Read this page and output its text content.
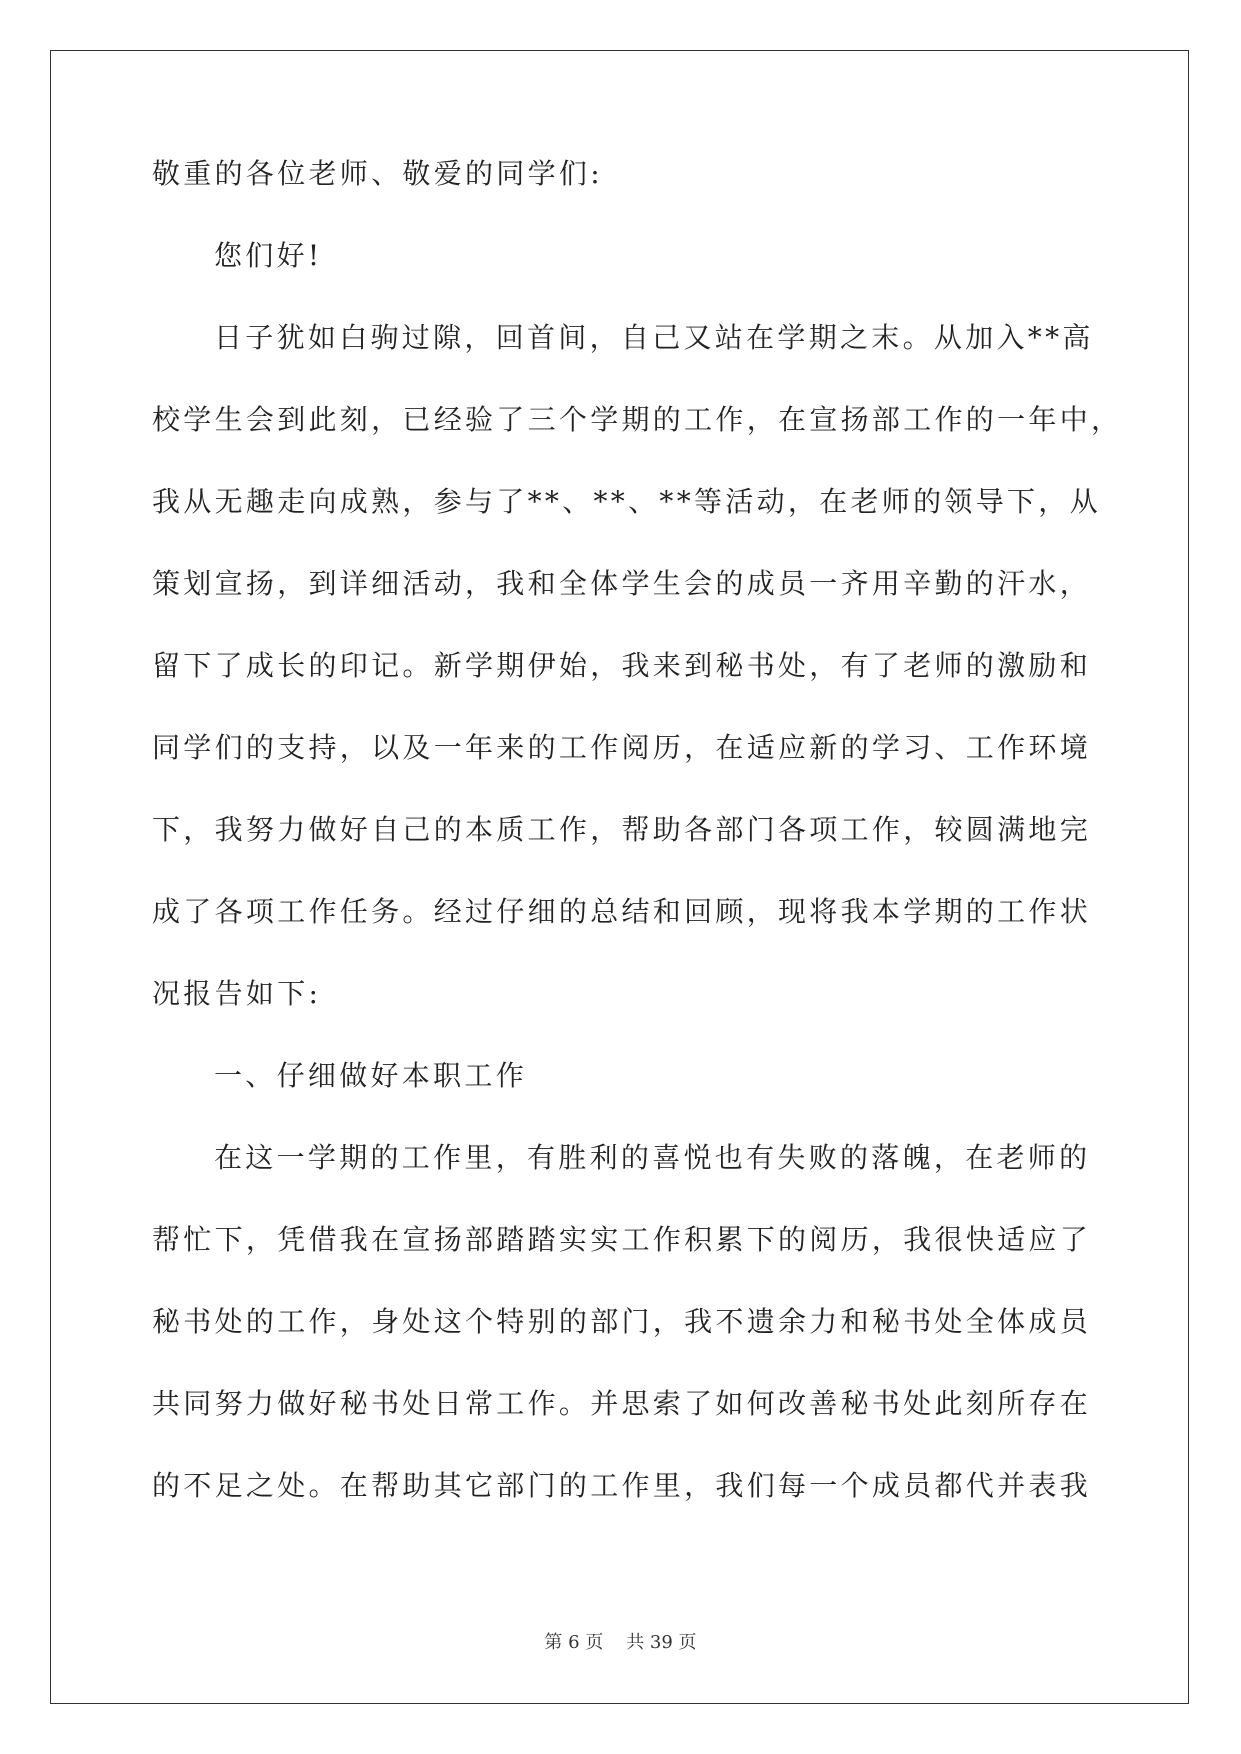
敬重的各位老师、敬爱的同学们:
您们好!
日子犹如白驹过隙，回首间，自己又站在学期之末。从加入**高
校学生会到此刻，已经验了三个学期的工作，在宣扬部工作的一年中，
我从无趣走向成熟，参与了**、**、**等活动，在老师的领导下，从
策划宣扬，到详细活动，我和全体学生会的成员一齐用辛勤的汗水，
留下了成长的印记。新学期伊始，我来到秘书处，有了老师的激励和
同学们的支持，以及一年来的工作阅历，在适应新的学习、工作环境
下，我努力做好自己的本质工作，帮助各部门各项工作，较圆满地完
成了各项工作任务。经过仔细的总结和回顾，现将我本学期的工作状
况报告如下:
一、仔细做好本职工作
在这一学期的工作里，有胜利的喜悦也有失败的落魄，在老师的
帮忙下，凭借我在宣扬部踏踏实实工作积累下的阅历，我很快适应了
秘书处的工作，身处这个特别的部门，我不遗余力和秘书处全体成员
共同努力做好秘书处日常工作。并思索了如何改善秘书处此刻所存在
的不足之处。在帮助其它部门的工作里，我们每一个成员都代并表我
第 6 页    共 39 页
